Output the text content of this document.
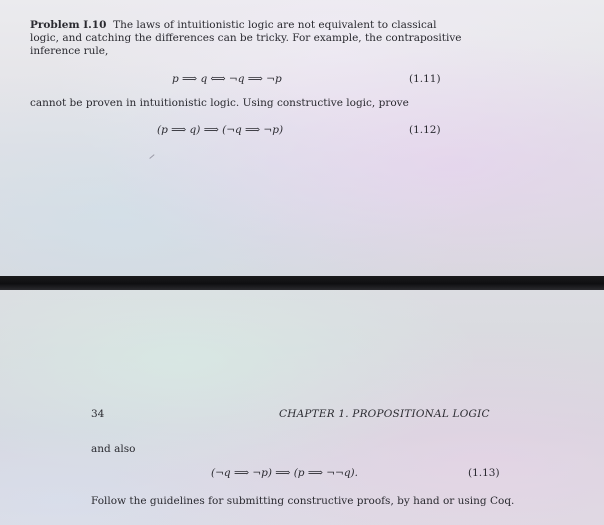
Problem I.10 The laws of intuitionistic logic are not equivalent to classical
logic, and catching the differences can be tricky. For example, the contrapositive
inference rule,
p ⟹ q ⟺ ¬q ⟹ ¬p	(1.11)
cannot be proven in intuitionistic logic. Using constructive logic, prove
(p ⟹ q) ⟹ (¬q ⟹ ¬p)	(1.12)
34	CHAPTER 1. PROPOSITIONAL LOGIC
and also
(¬q ⟹ ¬p) ⟹ (p ⟹ ¬¬q).	(1.13)
Follow the guidelines for submitting constructive proofs, by hand or using Coq.
